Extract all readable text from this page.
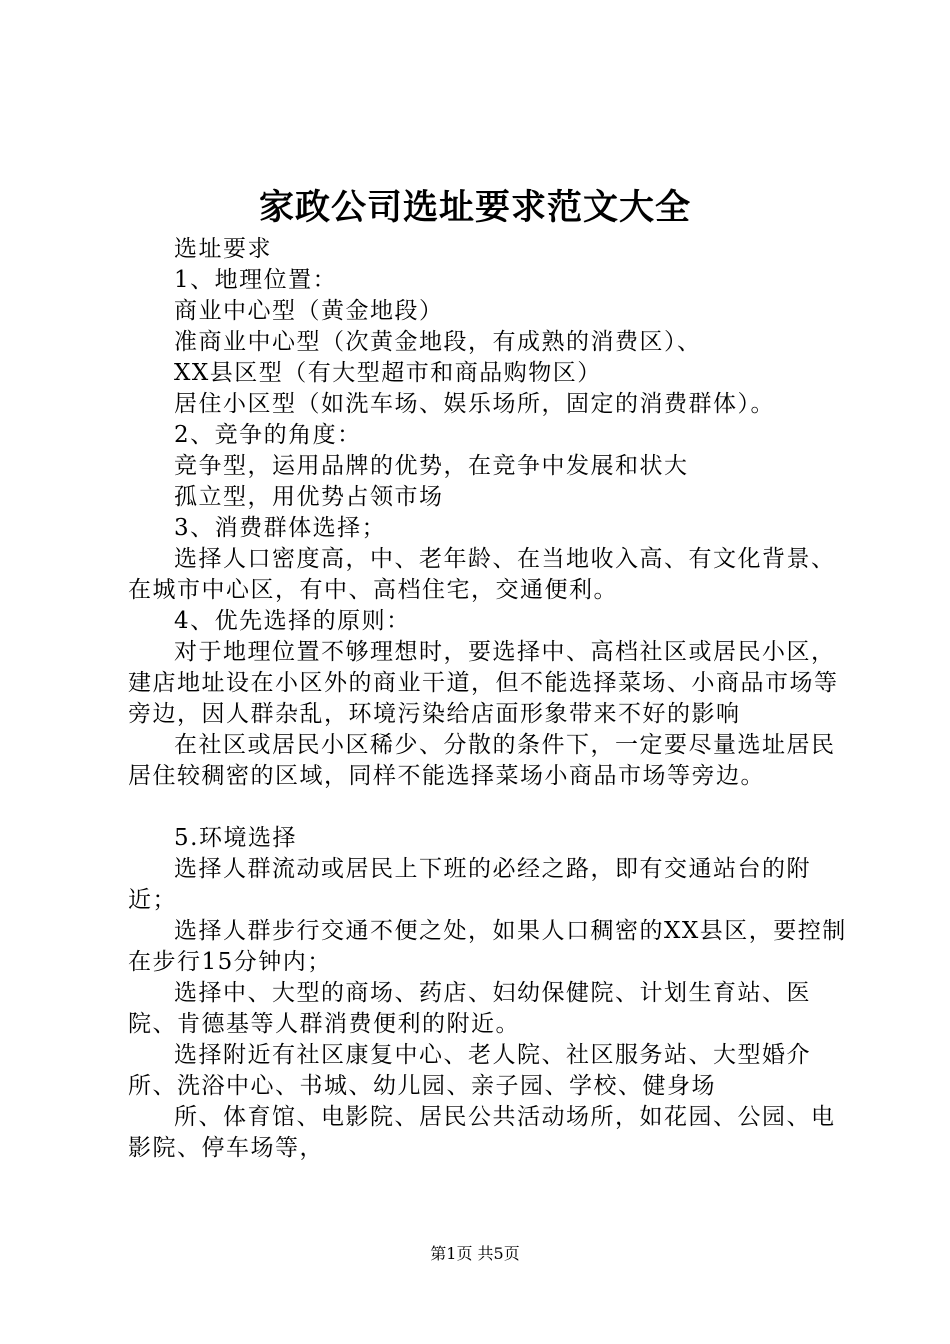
家政公司选址要求范文大全

选址要求

1、地理位置：

商业中心型（黄金地段）

准商业中心型（次黄金地段，有成熟的消费区）、

XX县区型（有大型超市和商品购物区）

居住小区型（如洗车场、娱乐场所，固定的消费群体）。

2、竞争的角度：

竞争型，运用品牌的优势，在竞争中发展和状大

孤立型，用优势占领市场

3、消费群体选择；

选择人口密度高，中、老年龄、在当地收入高、有文化背景、在城市中心区，有中、高档住宅，交通便利。

4、优先选择的原则：

对于地理位置不够理想时，要选择中、高档社区或居民小区，建店地址设在小区外的商业干道，但不能选择菜场、小商品市场等旁边，因人群杂乱，环境污染给店面形象带来不好的影响

在社区或居民小区稀少、分散的条件下，一定要尽量选址居民居住较稠密的区域，同样不能选择菜场小商品市场等旁边。

5.环境选择

选择人群流动或居民上下班的必经之路，即有交通站台的附近；

选择人群步行交通不便之处，如果人口稠密的XX县区，要控制在步行15分钟内；

选择中、大型的商场、药店、妇幼保健院、计划生育站、医院、肯德基等人群消费便利的附近。

选择附近有社区康复中心、老人院、社区服务站、大型婚介所、洗浴中心、书城、幼儿园、亲子园、学校、健身场

所、体育馆、电影院、居民公共活动场所，如花园、公园、电影院、停车场等，

第1页 共5页
